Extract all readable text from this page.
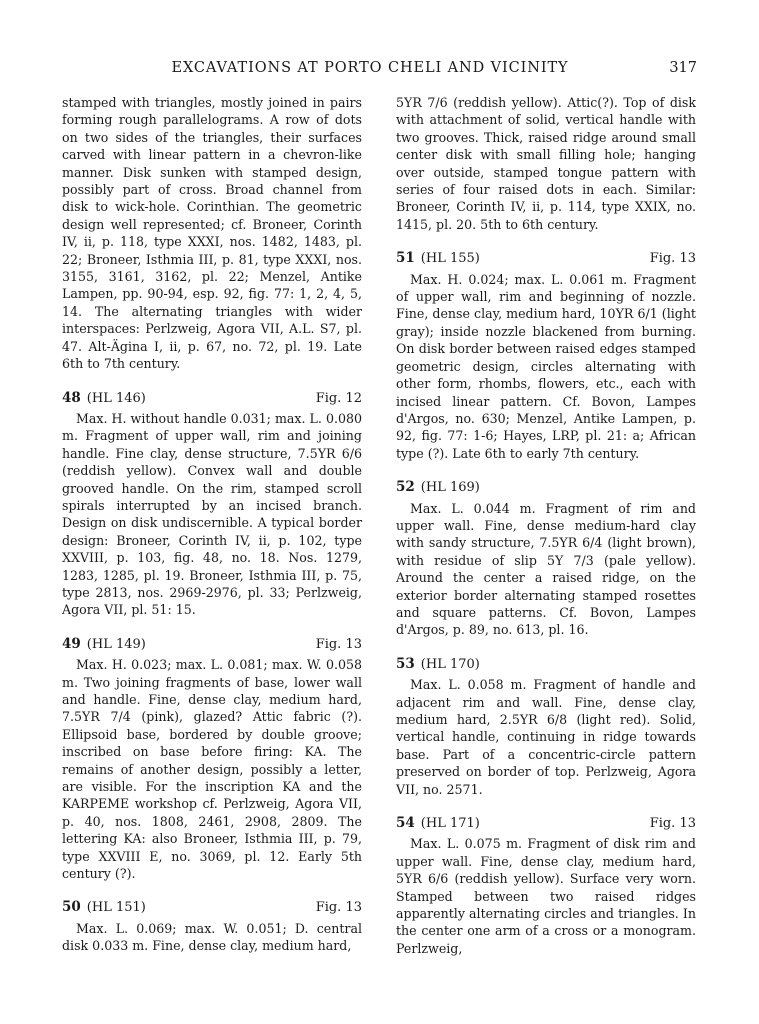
EXCAVATIONS AT PORTO CHELI AND VICINITY	317

stamped with triangles, mostly joined in pairs forming rough parallelograms. A row of dots on two sides of the triangles, their surfaces carved with linear pattern in a chevron-like manner. Disk sunken with stamped design, possibly part of cross. Broad channel from disk to wick-hole. Corinthian. The geometric design well represented; cf. Broneer, Corinth IV, ii, p. 118, type XXXI, nos. 1482, 1483, pl. 22; Broneer, Isthmia III, p. 81, type XXXI, nos. 3155, 3161, 3162, pl. 22; Menzel, Antike Lampen, pp. 90-94, esp. 92, fig. 77: 1, 2, 4, 5, 14. The alternating triangles with wider interspaces: Perlzweig, Agora VII, A.L. S7, pl. 47. Alt-Ägina I, ii, p. 67, no. 72, pl. 19. Late 6th to 7th century.

48 (HL 146)	Fig. 12

Max. H. without handle 0.031; max. L. 0.080 m. Fragment of upper wall, rim and joining handle. Fine clay, dense structure, 7.5YR 6/6 (reddish yellow). Convex wall and double grooved handle. On the rim, stamped scroll spirals interrupted by an incised branch. Design on disk undiscernible. A typical border design: Broneer, Corinth IV, ii, p. 102, type XXVIII, p. 103, fig. 48, no. 18. Nos. 1279, 1283, 1285, pl. 19. Broneer, Isthmia III, p. 75, type 2813, nos. 2969-2976, pl. 33; Perlzweig, Agora VII, pl. 51: 15.

49 (HL 149)	Fig. 13

Max. H. 0.023; max. L. 0.081; max. W. 0.058 m. Two joining fragments of base, lower wall and handle. Fine, dense clay, medium hard, 7.5YR 7/4 (pink), glazed? Attic fabric (?). Ellipsoid base, bordered by double groove; inscribed on base before firing: KA. The remains of another design, possibly a letter, are visible. For the inscription KA and the KARPEME workshop cf. Perlzweig, Agora VII, p. 40, nos. 1808, 2461, 2908, 2809. The lettering KA: also Broneer, Isthmia III, p. 79, type XXVIII E, no. 3069, pl. 12. Early 5th century (?).

50 (HL 151)	Fig. 13

Max. L. 0.069; max. W. 0.051; D. central disk 0.033 m. Fine, dense clay, medium hard,

5YR 7/6 (reddish yellow). Attic(?). Top of disk with attachment of solid, vertical handle with two grooves. Thick, raised ridge around small center disk with small filling hole; hanging over outside, stamped tongue pattern with series of four raised dots in each. Similar: Broneer, Corinth IV, ii, p. 114, type XXIX, no. 1415, pl. 20. 5th to 6th century.

51 (HL 155)	Fig. 13

Max. H. 0.024; max. L. 0.061 m. Fragment of upper wall, rim and beginning of nozzle. Fine, dense clay, medium hard, 10YR 6/1 (light gray); inside nozzle blackened from burning. On disk border between raised edges stamped geometric design, circles alternating with other form, rhombs, flowers, etc., each with incised linear pattern. Cf. Bovon, Lampes d'Argos, no. 630; Menzel, Antike Lampen, p. 92, fig. 77: 1-6; Hayes, LRP, pl. 21: a; African type (?). Late 6th to early 7th century.

52 (HL 169)

Max. L. 0.044 m. Fragment of rim and upper wall. Fine, dense medium-hard clay with sandy structure, 7.5YR 6/4 (light brown), with residue of slip 5Y 7/3 (pale yellow). Around the center a raised ridge, on the exterior border alternating stamped rosettes and square patterns. Cf. Bovon, Lampes d'Argos, p. 89, no. 613, pl. 16.

53 (HL 170)

Max. L. 0.058 m. Fragment of handle and adjacent rim and wall. Fine, dense clay, medium hard, 2.5YR 6/8 (light red). Solid, vertical handle, continuing in ridge towards base. Part of a concentric-circle pattern preserved on border of top. Perlzweig, Agora VII, no. 2571.

54 (HL 171)	Fig. 13

Max. L. 0.075 m. Fragment of disk rim and upper wall. Fine, dense clay, medium hard, 5YR 6/6 (reddish yellow). Surface very worn. Stamped between two raised ridges apparently alternating circles and triangles. In the center one arm of a cross or a monogram. Perlzweig,
